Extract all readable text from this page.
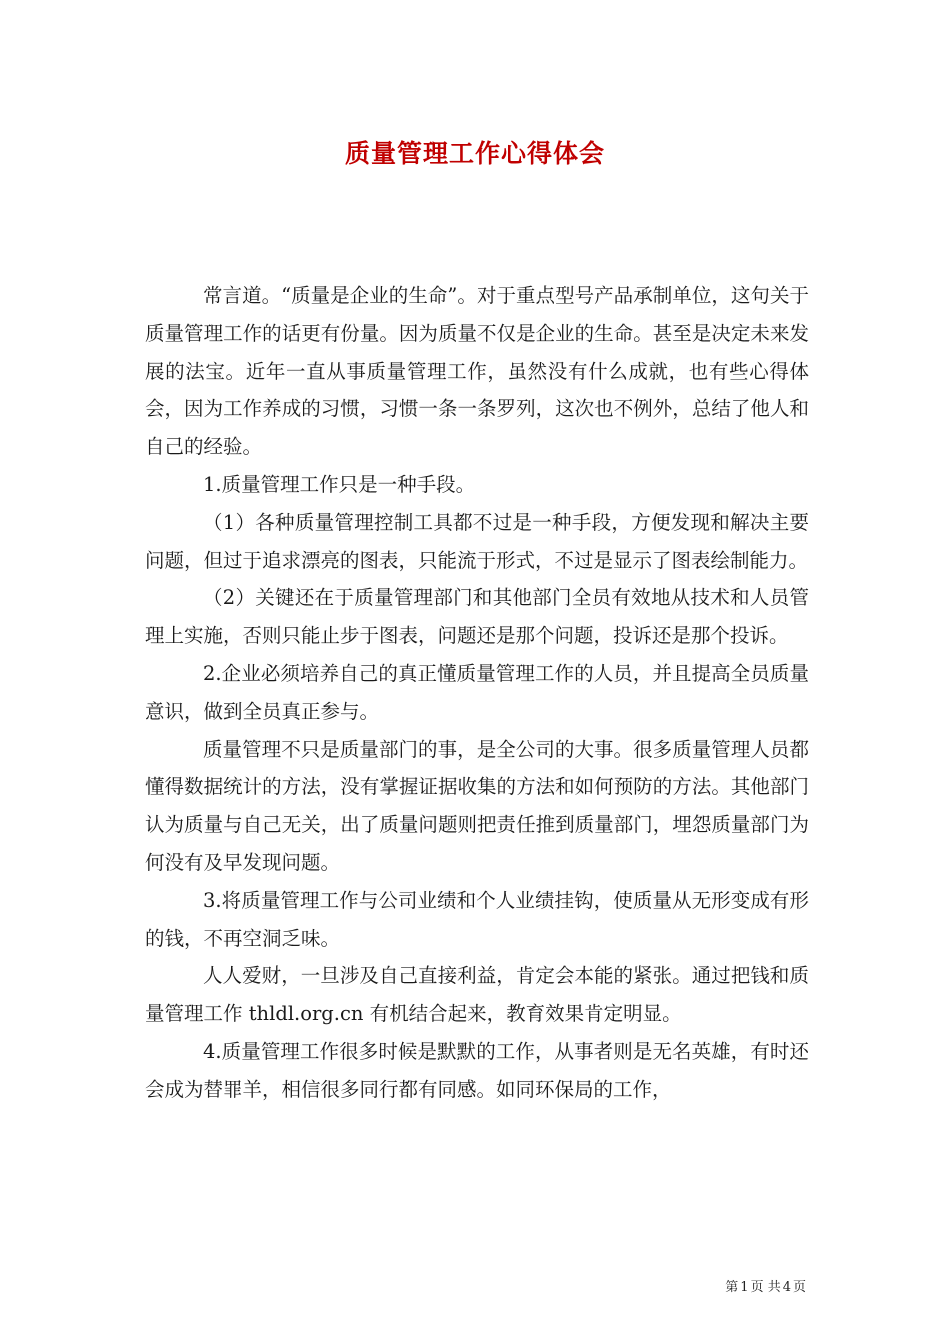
质量管理工作心得体会

常言道。“质量是企业的生命”。对于重点型号产品承制单位，这句关于质量管理工作的话更有份量。因为质量不仅是企业的生命。甚至是决定未来发展的法宝。近年一直从事质量管理工作，虽然没有什么成就，也有些心得体会，因为工作养成的习惯，习惯一条一条罗列，这次也不例外，总结了他人和自己的经验。

1.质量管理工作只是一种手段。

（1）各种质量管理控制工具都不过是一种手段，方便发现和解决主要问题，但过于追求漂亮的图表，只能流于形式，不过是显示了图表绘制能力。

（2）关键还在于质量管理部门和其他部门全员有效地从技术和人员管理上实施，否则只能止步于图表，问题还是那个问题，投诉还是那个投诉。

2.企业必须培养自己的真正懂质量管理工作的人员，并且提高全员质量意识，做到全员真正参与。

质量管理不只是质量部门的事，是全公司的大事。很多质量管理人员都懂得数据统计的方法，没有掌握证据收集的方法和如何预防的方法。其他部门认为质量与自己无关，出了质量问题则把责任推到质量部门，埋怨质量部门为何没有及早发现问题。

3.将质量管理工作与公司业绩和个人业绩挂钩，使质量从无形变成有形的钱，不再空洞乏味。

人人爱财，一旦涉及自己直接利益，肯定会本能的紧张。通过把钱和质量管理工作 thldl.org.cn 有机结合起来，教育效果肯定明显。

4.质量管理工作很多时候是默默的工作，从事者则是无名英雄，有时还会成为替罪羊，相信很多同行都有同感。如同环保局的工作，

第 1 页 共 4 页
